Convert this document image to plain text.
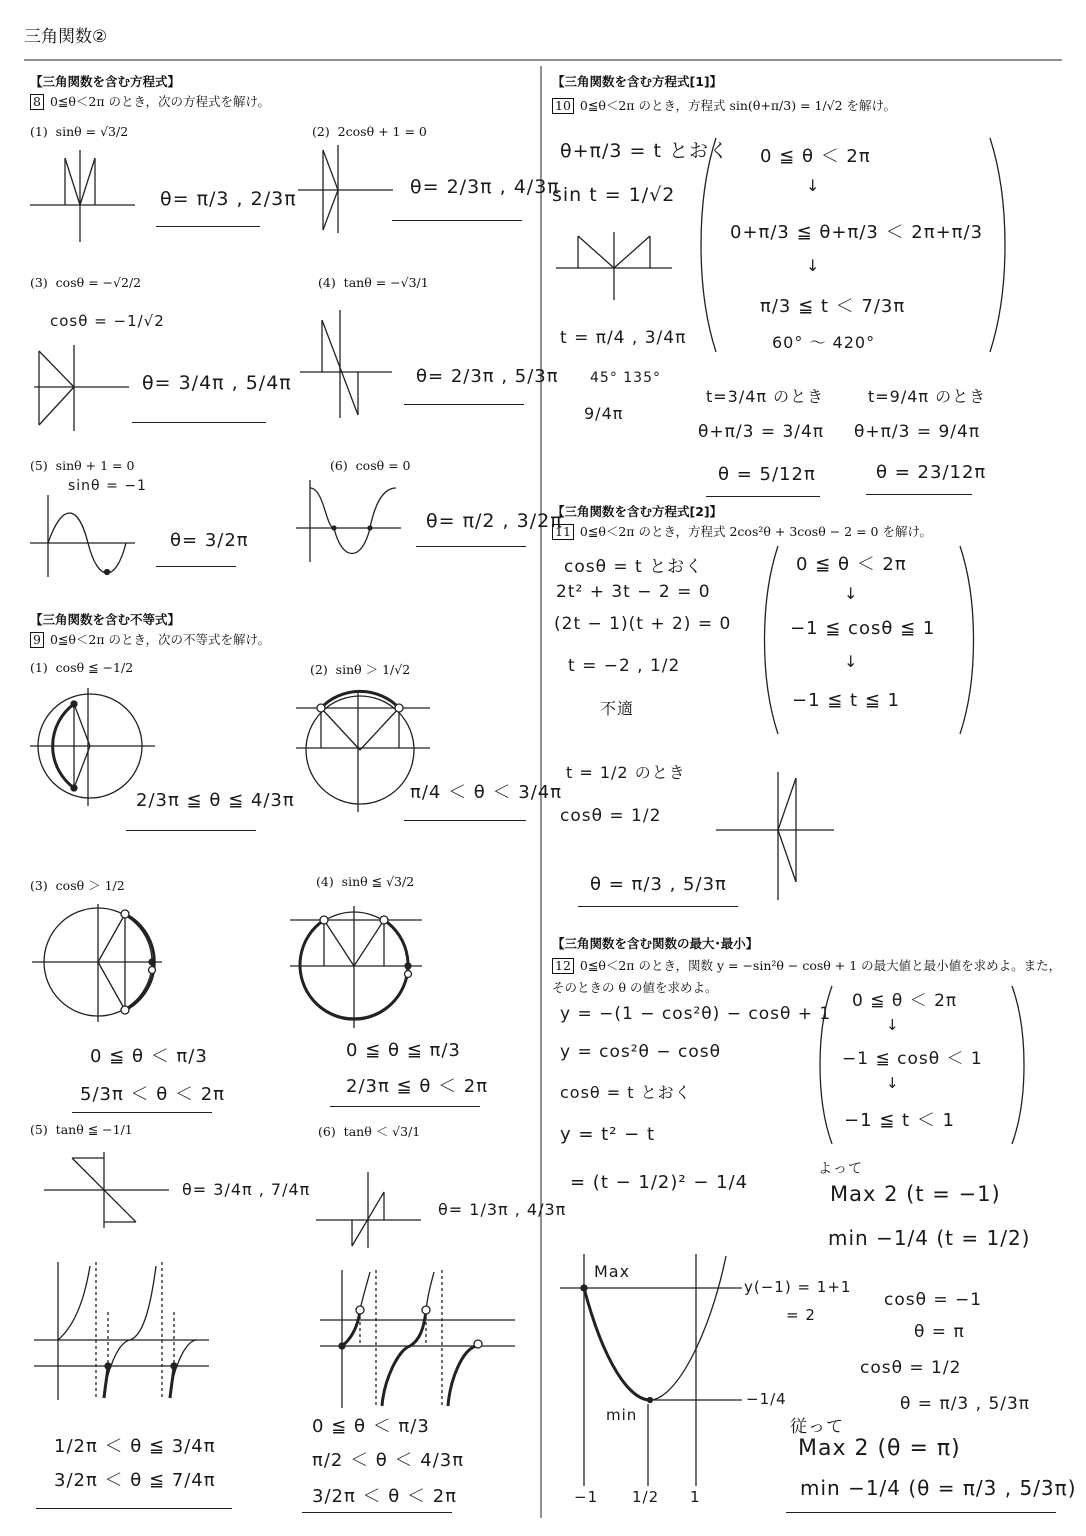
三角関数②
【三角関数を含む方程式】
8 0≦θ＜2π のとき，次の方程式を解け。
(1) sinθ = √3/2
θ= π/3 , 2/3π
(2) 2cosθ + 1 = 0
θ= 2/3π , 4/3π
(3) cosθ = −√2/2
cosθ = −1/√2
θ= 3/4π , 5/4π
(4) tanθ = −√3/1
θ= 2/3π , 5/3π
(5) sinθ + 1 = 0
sinθ = −1
θ= 3/2π
(6) cosθ = 0
θ= π/2 , 3/2π
【三角関数を含む不等式】
9 0≦θ＜2π のとき，次の不等式を解け。
(1) cosθ ≦ −1/2
2/3π ≦ θ ≦ 4/3π
(2) sinθ ＞ 1/√2
π/4 ＜ θ ＜ 3/4π
(3) cosθ ＞ 1/2
0 ≦ θ ＜ π/3
5/3π ＜ θ ＜ 2π
(4) sinθ ≦ √3/2
0 ≦ θ ≦ π/3
2/3π ≦ θ ＜ 2π
(5) tanθ ≦ −1/1
θ= 3/4π , 7/4π
1/2π ＜ θ ≦ 3/4π
3/2π ＜ θ ≦ 7/4π
(6) tanθ ＜ √3/1
θ= 1/3π , 4/3π
0 ≦ θ ＜ π/3
π/2 ＜ θ ＜ 4/3π
3/2π ＜ θ ＜ 2π
【三角関数を含む方程式[1]】
10 0≦θ＜2π のとき，方程式 sin(θ+π/3) = 1/√2 を解け。
θ+π/3 = t とおく
sin t = 1/√2
t = π/4 , 3/4π
45° 135°
9/4π
0 ≦ θ ＜ 2π
↓
0+π/3 ≦ θ+π/3 ＜ 2π+π/3
↓
π/3 ≦ t ＜ 7/3π
60° 〜 420°
t=3/4π のとき
θ+π/3 = 3/4π
θ = 5/12π
t=9/4π のとき
θ+π/3 = 9/4π
θ = 23/12π
【三角関数を含む方程式[2]】
11 0≦θ＜2π のとき，方程式 2cos²θ + 3cosθ − 2 = 0 を解け。
cosθ = t とおく
2t² + 3t − 2 = 0
(2t − 1)(t + 2) = 0
t = −2 , 1/2
不適
0 ≦ θ ＜ 2π
↓
−1 ≦ cosθ ≦ 1
↓
−1 ≦ t ≦ 1
t = 1/2 のとき
cosθ = 1/2
θ = π/3 , 5/3π
【三角関数を含む関数の最大･最小】
12 0≦θ＜2π のとき，関数 y = −sin²θ − cosθ + 1 の最大値と最小値を求めよ。また，
そのときの θ の値を求めよ。
y = −(1 − cos²θ) − cosθ + 1
y = cos²θ − cosθ
cosθ = t とおく
y = t² − t
= (t − 1/2)² − 1/4
0 ≦ θ ＜ 2π
↓
−1 ≦ cosθ ＜ 1
↓
−1 ≦ t ＜ 1
よって
Max 2 (t = −1)
min −1/4 (t = 1/2)
Max
min
y(−1) = 1+1
= 2
−1/4
−1 1/2 1
cosθ = −1
θ = π
cosθ = 1/2
θ = π/3 , 5/3π
従って
Max 2 (θ = π)
min −1/4 (θ = π/3 , 5/3π)
